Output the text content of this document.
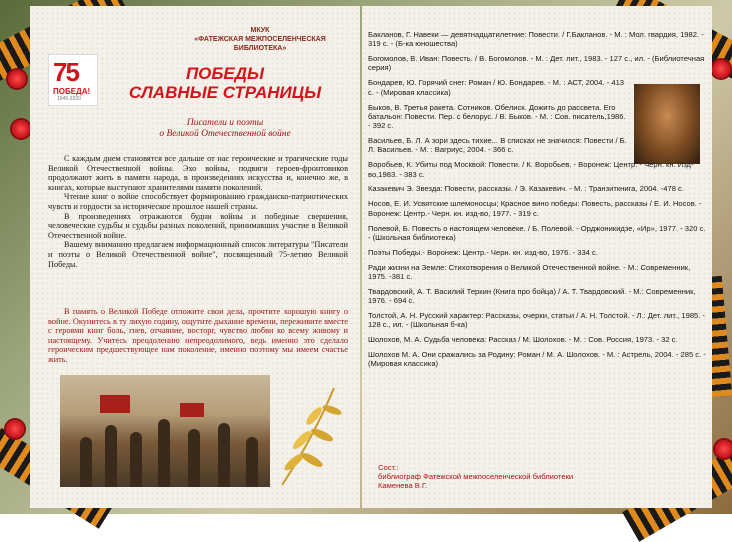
МКУК
«ФАТЕЖСКАЯ МЕЖПОСЕЛЕНЧЕСКАЯ БИБЛИОТЕКА»
75
ПОБЕДА!
1945-2020
ПОБЕДЫ
СЛАВНЫЕ СТРАНИЦЫ
Писатели и поэты
о Великой Отечественной войне

С каждым днем становятся все дальше от нас героические и трагические годы Великой Отечественной войны. Эхо войны, подвиги героев-фронтовиков продолжают жить в памяти народа, в произведениях искусства и, конечно же, в книгах, которые выступают хранителями памяти поколений.

Чтение книг о войне способствует формированию гражданско-патриотических чувств и гордости за историческое прошлое нашей страны.

В произведениях отражаются будни войны и победные свершения, человеческие судьбы и судьбы разных поколений, принимавших участие в Великой Отечественной войне.

Вашему вниманию предлагаем информационный список литературы "Писатели и поэты о Великой Отечественной войне", посвященный 75-летию Великой Победы.

В память о Великой Победе отложите свои дела, прочтите хорошую книгу о войне. Окунитесь в ту лихую годину, ощутите дыхание времени, переживите вместе с героями книг боль, гнев, отчаяние, восторг, чувство любви ко всему живому и настоящему. Учитесь преодолению непреодолимого, ведь именно это сделало героическим предшествующее нам поколение, именно поэтому мы имеем счастье жить.

Бакланов, Г. Навеки — девятнадцатилетние: Повести. / Г.Бакланов. - М. : Мол. гвардия, 1982. - 319 с. - (Б-ка юношества)
Богомолов, В. Иван: Повесть. / В. Богомолов. - М. : Дет. лит., 1983. - 127 с., ил. - (Библиотечная серия)
Бондарев, Ю. Горячий снег: Роман / Ю. Бондарев. - М. : АСТ, 2004. - 413 с. - (Мировая классика)
Быков, В. Третья ракета. Сотников. Обелиск. Дожить до рассвета. Его батальон: Повести. Пер. с белорус. / В. Быков. - М. : Сов. писатель,1986. - 392 с.
Васильев, Б. Л. А зори здесь тихие... В списках не значился: Повести / Б. Л. Васильев. - М. : Вагриус, 2004. - 366 с.
Воробьев, К. Убиты под Москвой: Повести. / К. Воробьев. - Воронеж: Центр. - Черн. кн. Изд-во,1983. - 383 с.
Казакевич Э. Звезда: Повести, рассказы. / Э. Казакевич. - М. : Транзиткнига, 2004. -478 с.
Носов, Е. И. Усвятские шлемоносцы; Красное вино победы: Повесть, рассказы / Е. И. Носов. - Воронеж: Центр.- Черн. кн. изд-во, 1977. - 319 с.
Полевой, Б. Повесть о настоящем человеке. / Б. Полевой. - Орджоникидзе, «Ир», 1977. - 320 с. - (Школьная библиотека)
Поэты Победы.- Воронеж: Центр.- Черн. кн. изд-во, 1976. - 334 с.
Ради жизни на Земле: Стихотворения о Великой Отечественной войне. - М.: Современник, 1975. -381 с.
Твардовский, А. Т. Василий Теркин (Книга про бойца) / А. Т. Твардовский. - М.: Современник, 1976. - 694 с.
Толстой, А. Н. Русский характер: Рассказы, очерки, статьи / А. Н. Толстой. - Л.: Дет. лит., 1985. - 128 с., ил. - (Школьная б-ка)
Шолохов, М. А. Судьба человека: Рассказ / М. Шолохов. - М. : Сов. Россия, 1973. - 32 с.
Шолохов М. А. Они сражались за Родину: Роман / М. А. Шолохов. - М. : Астрель, 2004. - 285 с. - (Мировая классика)
Сост.:
библиограф Фатежской межпоселенческой библиотеки
Каменева В.Г.
